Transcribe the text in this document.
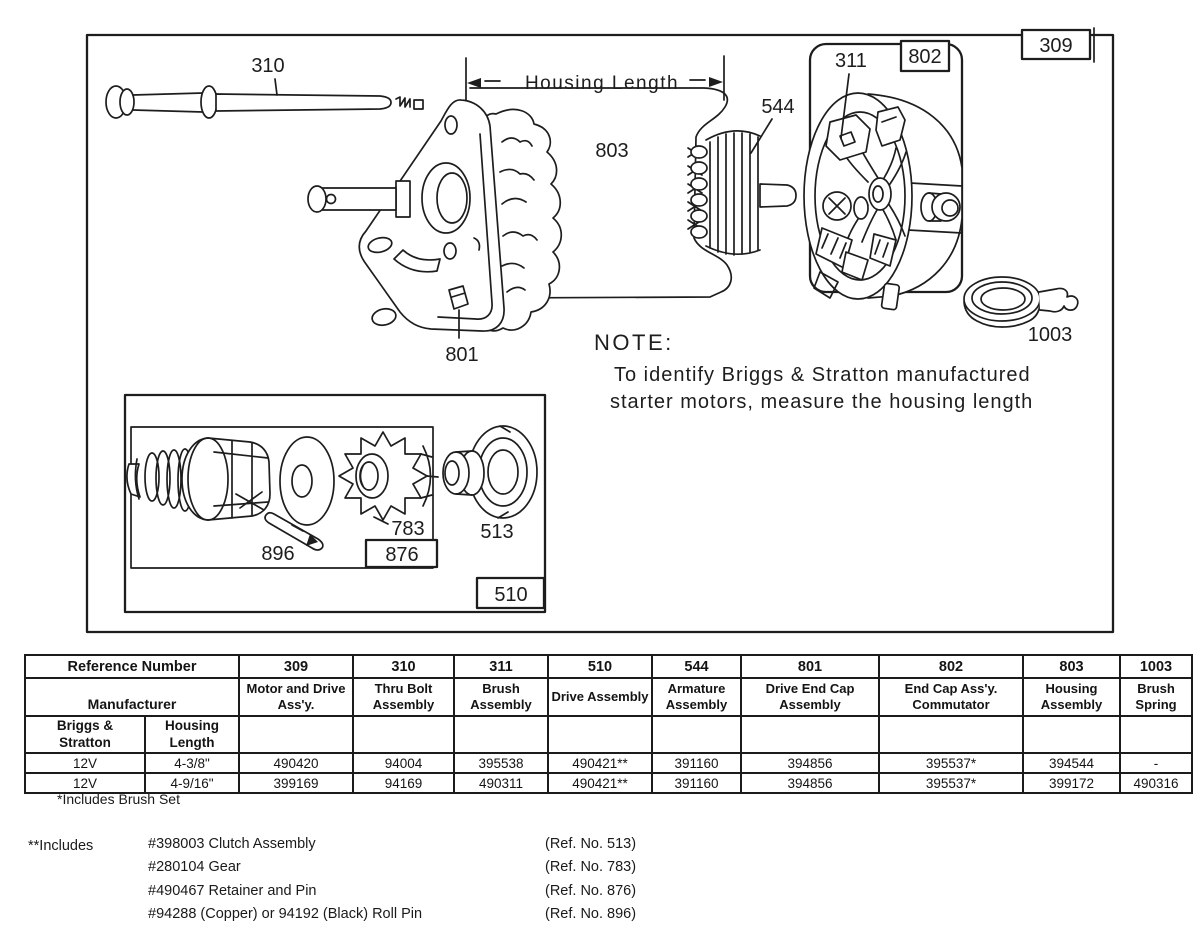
310
803
Housing Length
544
801
311 802	309
1003
NOTE:
To identify Briggs & Stratton manufactured
starter motors, measure the housing length
896
783	513
876
510
Reference Number		309	310	311	510	544	801	802	803	1003
Manufacturer		Motor and Drive Ass'y.	Thru Bolt Assembly	Brush Assembly	Drive Assembly	Armature Assembly	Drive End Cap Assembly	End Cap Ass'y. Commutator	Housing Assembly	Brush Spring

Briggs &
Stratton	Housing
Length									

12V	4-3/8"	490420	94004	395538	490421**	391160	394856	395537*	394544	-
12V	4-9/16"	399169	94169	490311	490421**	391160	394856	395537*	399172	490316
*Includes Brush Set
**Includes	#398003 Clutch Assembly	(Ref. No. 513)
#280104 Gear	(Ref. No. 783)
#490467 Retainer and Pin	(Ref. No. 876)
#94288 (Copper) or 94192 (Black) Roll Pin	(Ref. No. 896)
